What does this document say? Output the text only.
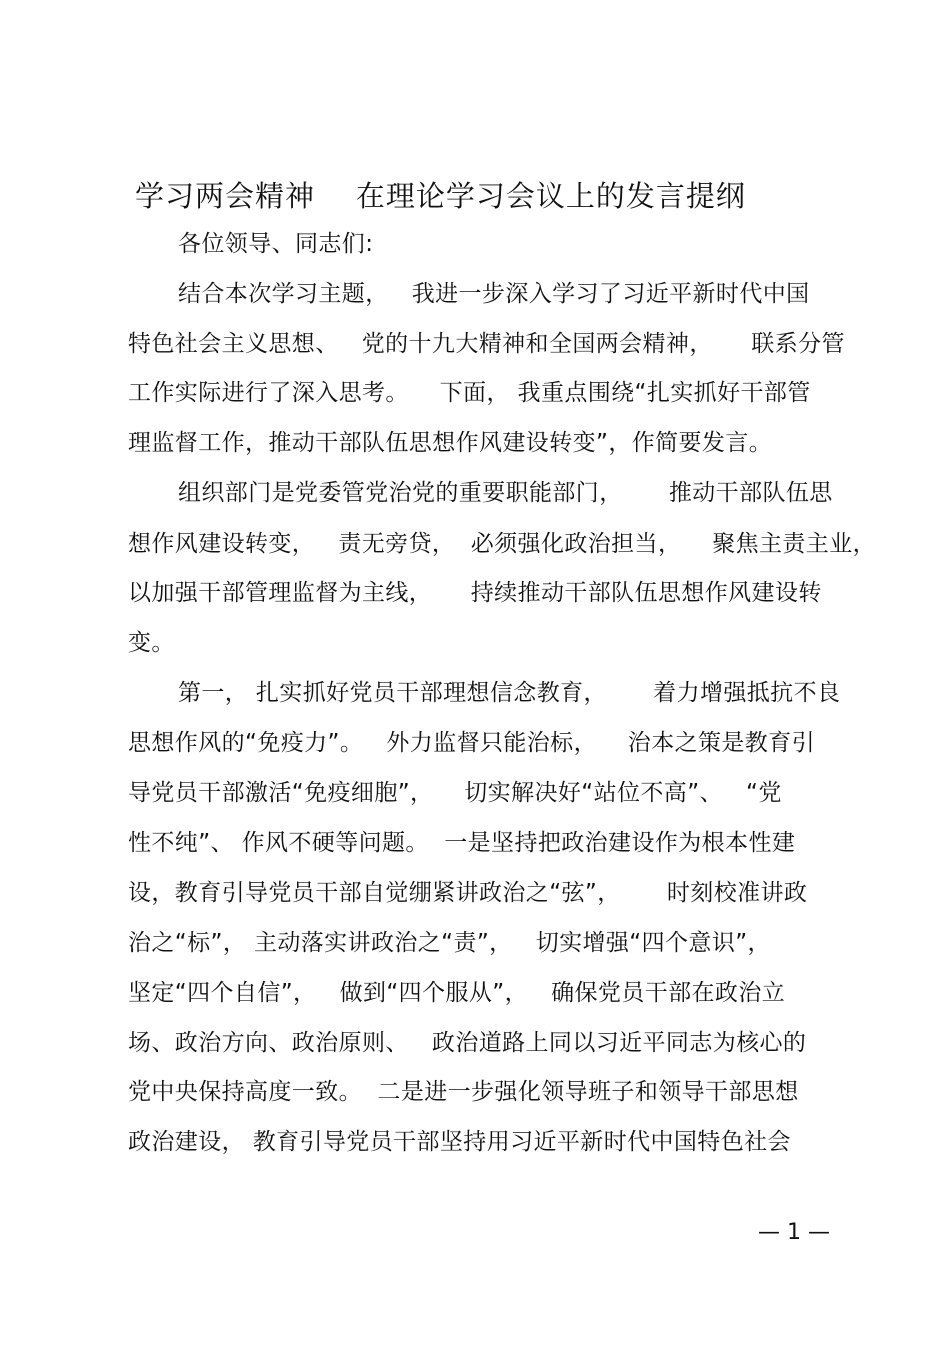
学习两会精神    在理论学习会议上的发言提纲

各位领导、同志们:

结合本次学习主题，   我进一步深入学习了习近平新时代中国

特色社会主义思想、   党的十九大精神和全国两会精神，     联系分管

工作实际进行了深入思考。    下面， 我重点围绕“扎实抓好干部管

理监督工作，推动干部队伍思想作风建设转变”，作简要发言。

组织部门是党委管党治党的重要职能部门，      推动干部队伍思

想作风建设转变，   责无旁贷，  必须强化政治担当，    聚焦主责主业，

以加强干部管理监督为主线，     持续推动干部队伍思想作风建设转

变。

第一， 扎实抓好党员干部理想信念教育，      着力增强抵抗不良

思想作风的“免疫力”。   外力监督只能治标，    治本之策是教育引

导党员干部激活“免疫细胞”，    切实解决好“站位不高”、   “党

性不纯”、 作风不硬等问题。  一是坚持把政治建设作为根本性建

设，教育引导党员干部自觉绷紧讲政治之“弦”，      时刻校准讲政

治之“标”， 主动落实讲政治之“责”，   切实增强“四个意识”，

坚定“四个自信”，   做到“四个服从”，   确保党员干部在政治立

场、政治方向、政治原则、   政治道路上同以习近平同志为核心的

党中央保持高度一致。  二是进一步强化领导班子和领导干部思想

政治建设， 教育引导党员干部坚持用习近平新时代中国特色社会

— 1 —
